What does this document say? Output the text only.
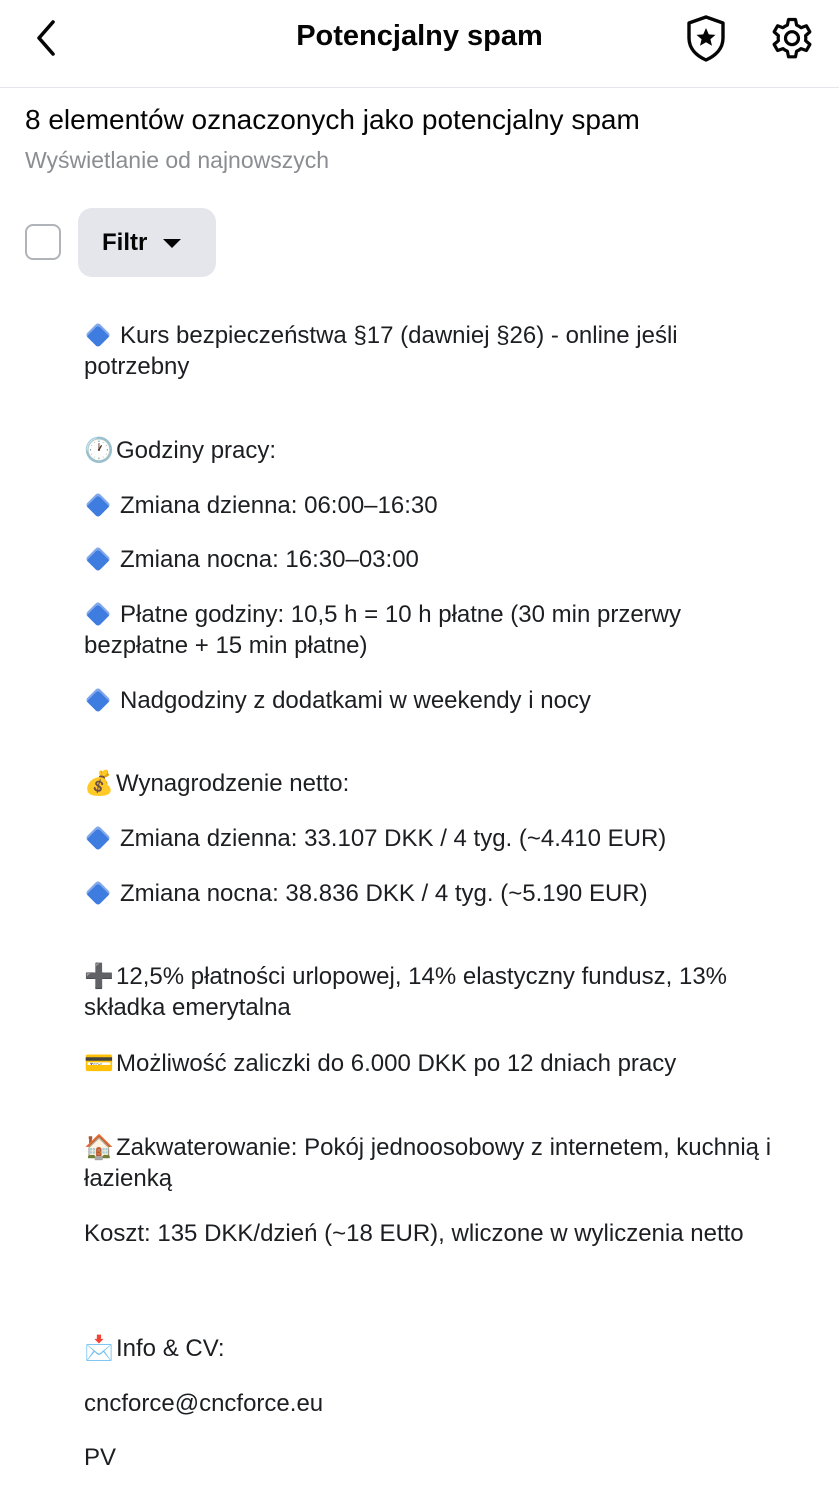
Potencjalny spam
8 elementów oznaczonych jako potencjalny spam
Wyświetlanie od najnowszych
Filtr

Kurs bezpieczeństwa §17 (dawniej §26) - online jeśli potrzebny
🕐Godziny pracy:
Zmiana dzienna: 06:00–16:30
Zmiana nocna: 16:30–03:00
Płatne godziny: 10,5 h = 10 h płatne (30 min przerwy bezpłatne + 15 min płatne)
Nadgodziny z dodatkami w weekendy i nocy
💰Wynagrodzenie netto:
Zmiana dzienna: 33.107 DKK / 4 tyg. (~4.410 EUR)
Zmiana nocna: 38.836 DKK / 4 tyg. (~5.190 EUR)
➕12,5% płatności urlopowej, 14% elastyczny fundusz, 13% składka emerytalna
💳Możliwość zaliczki do 6.000 DKK po 12 dniach pracy
🏠Zakwaterowanie: Pokój jednoosobowy z internetem, kuchnią i łazienką
Koszt: 135 DKK/dzień (~18 EUR), wliczone w wyliczenia netto
📩Info & CV:
cncforce@cncforce.eu
PV
